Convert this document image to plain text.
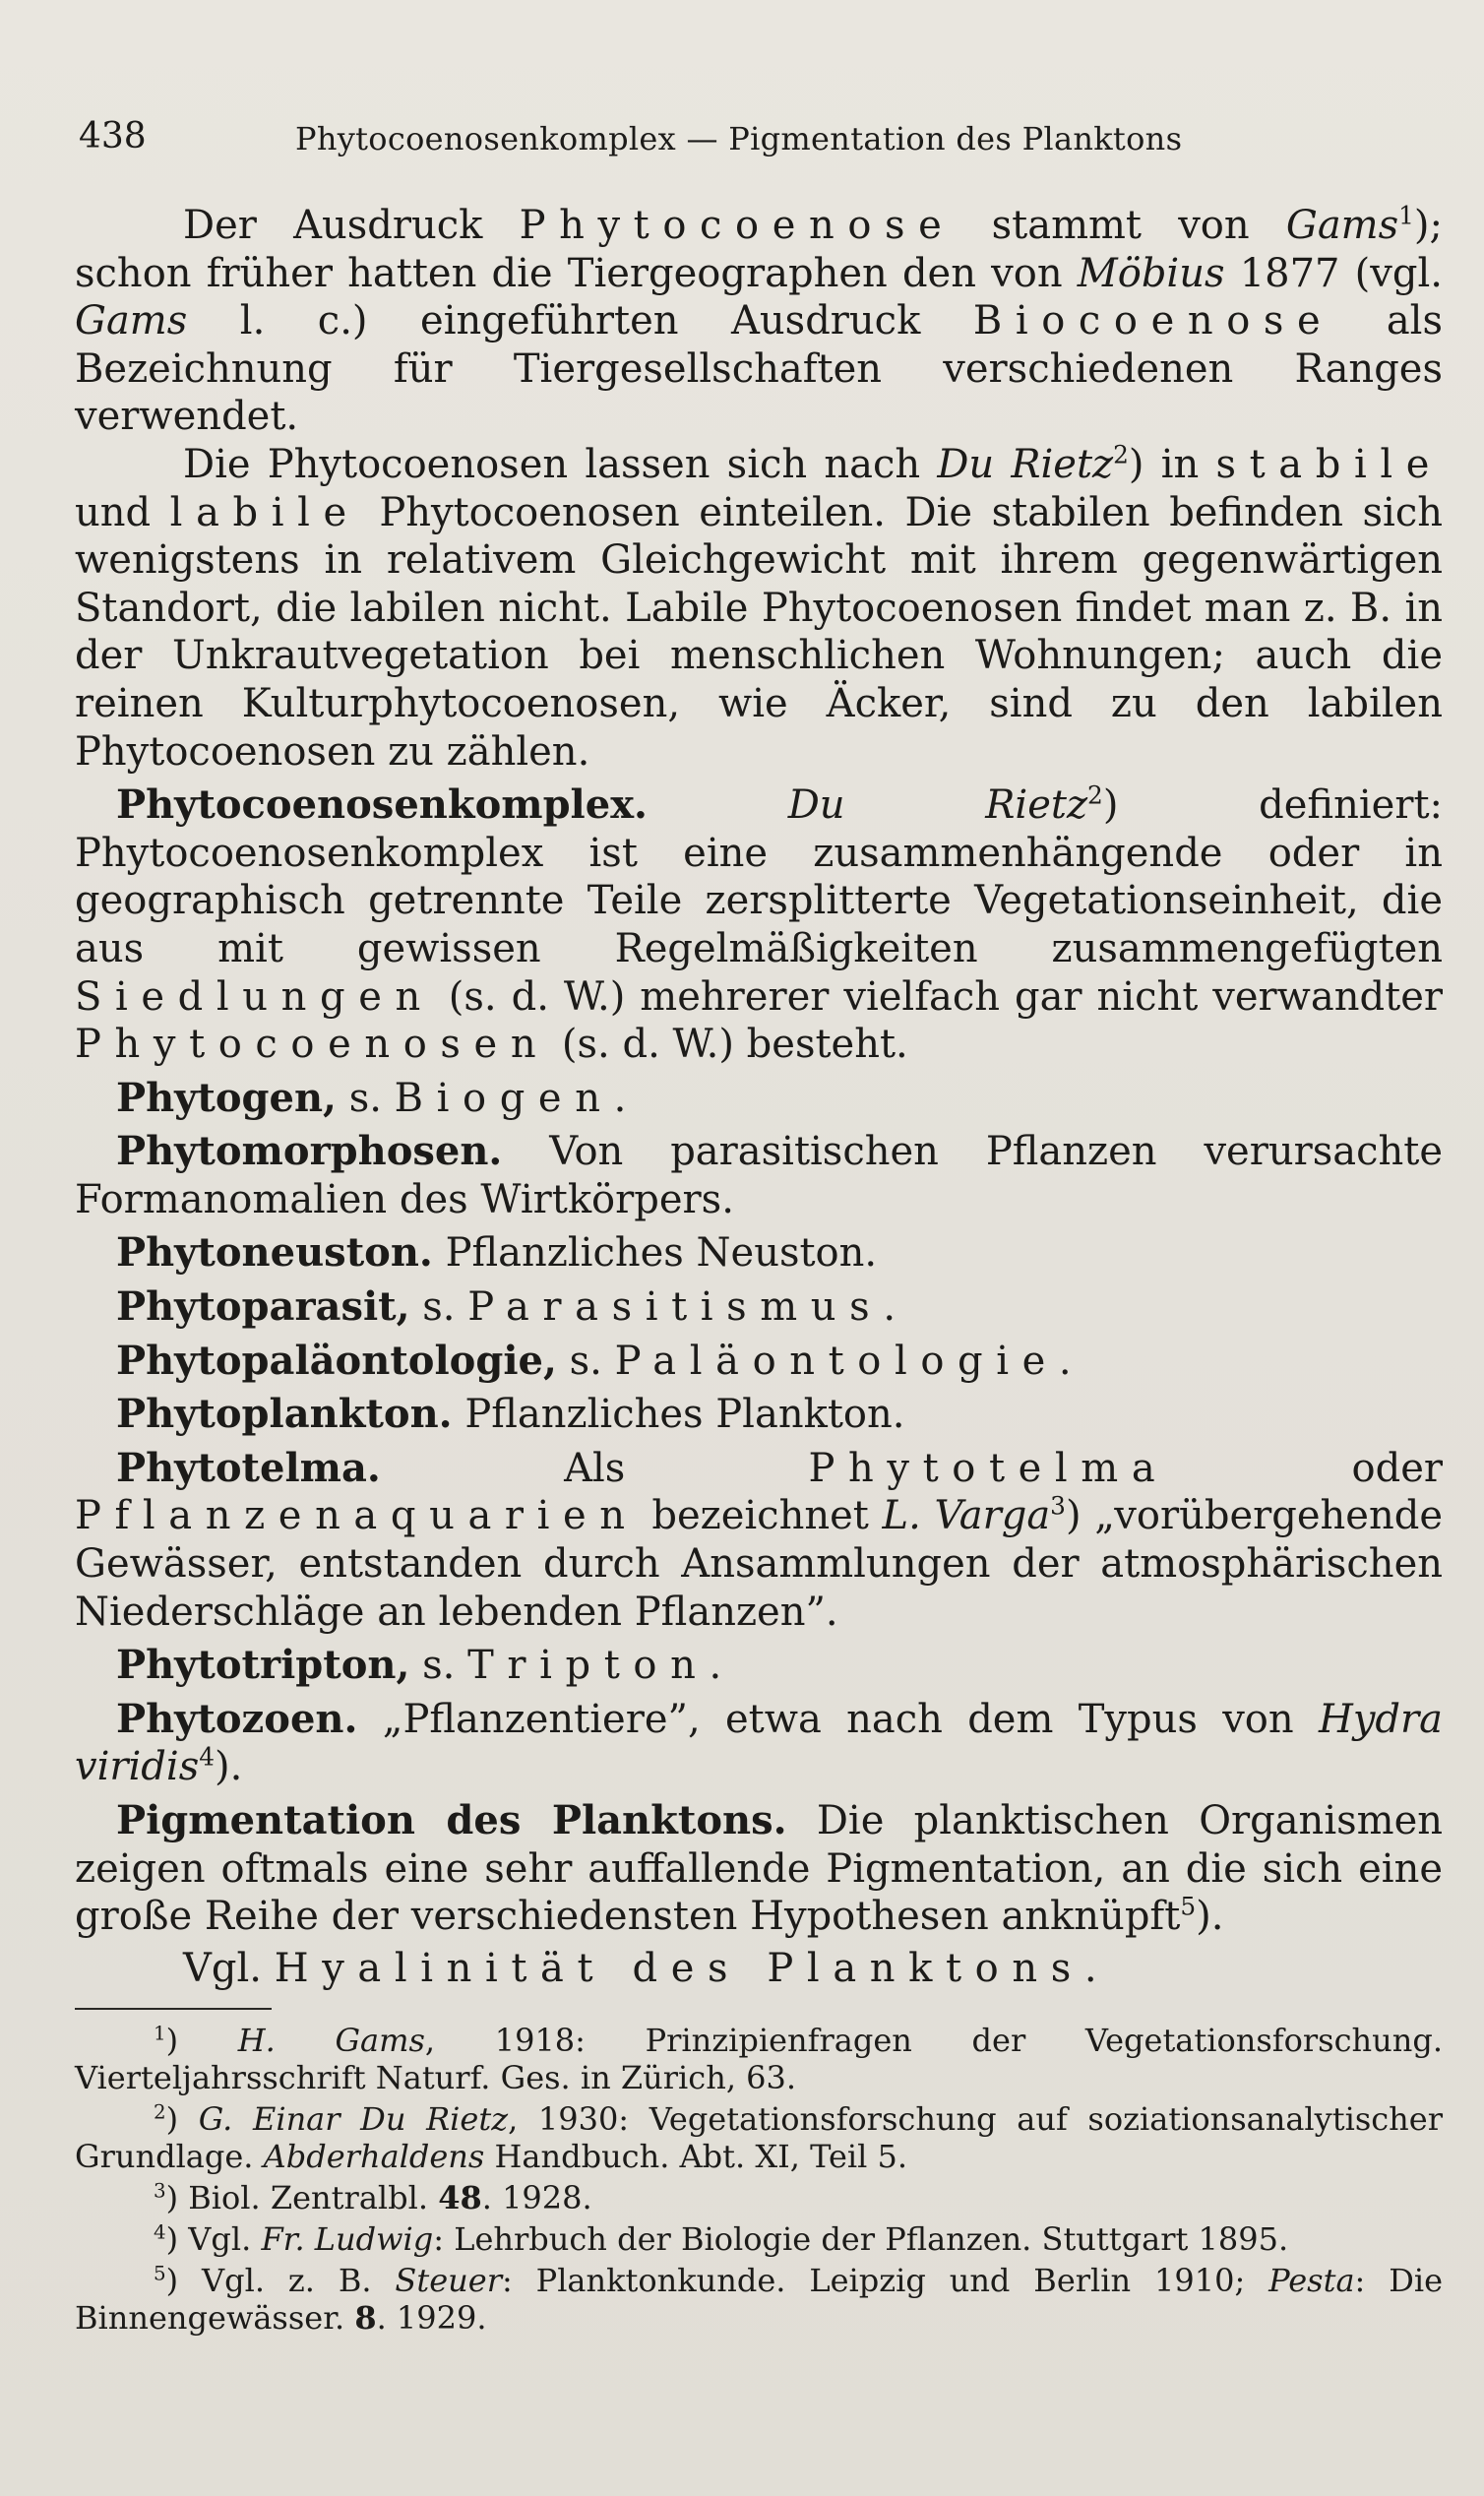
438	Phytocoenosenkomplex — Pigmentation des Planktons

Der Ausdruck Phytocoenose stammt von Gams$^1$); schon früher hatten die Tiergeographen den von Möbius 1877 (vgl. Gams l. c.) eingeführten Ausdruck Biocoenose als Bezeichnung für Tiergesellschaften verschiedenen Ranges verwendet.

Die Phytocoenosen lassen sich nach Du Rietz$^2$) in stabile und labile Phytocoenosen einteilen. Die stabilen befinden sich wenigstens in relativem Gleichgewicht mit ihrem gegenwärtigen Standort, die labilen nicht. Labile Phytocoenosen findet man z. B. in der Unkrautvegetation bei menschlichen Wohnungen; auch die reinen Kulturphytocoenosen, wie Äcker, sind zu den labilen Phytocoenosen zu zählen.

Phytocoenosenkomplex.	Du Rietz$^2$) definiert: Phytocoenosenkomplex ist eine zusammenhängende oder in geographisch getrennte Teile zersplitterte Vegetationseinheit, die aus mit gewissen Regelmäßigkeiten zusammengefügten Siedlungen (s. d. W.) mehrerer vielfach gar nicht verwandter Phytocoenosen (s. d. W.) besteht.

Phytogen, s. Biogen.

Phytomorphosen. Von parasitischen Pflanzen verursachte Formanomalien des Wirtkörpers.

Phytoneuston. Pflanzliches Neuston.

Phytoparasit, s. Parasitismus.

Phytopaläontologie, s. Paläontologie.

Phytoplankton. Pflanzliches Plankton.

Phytotelma. Als Phytotelma oder Pflanzenaquarien bezeichnet L. Varga$^3$) „vorübergehende Gewässer, entstanden durch Ansammlungen der atmosphärischen Niederschläge an lebenden Pflanzen”.

Phytotripton, s. Tripton.

Phytozoen. „Pflanzentiere”, etwa nach dem Typus von Hydra viridis$^4$).

Pigmentation des Planktons. Die planktischen Organismen zeigen oftmals eine sehr auffallende Pigmentation, an die sich eine große Reihe der verschiedensten Hypothesen anknüpft$^5$).

Vgl. Hyalinität des Planktons.

$^1$) H. Gams, 1918: Prinzipienfragen der Vegetationsforschung. Vierteljahrsschrift Naturf. Ges. in Zürich, 63.

$^2$) G. Einar Du Rietz, 1930: Vegetationsforschung auf soziationsanalytischer Grundlage. Abderhaldens Handbuch. Abt. XI, Teil 5.

$^3$) Biol. Zentralbl. 48. 1928.

$^4$) Vgl. Fr. Ludwig: Lehrbuch der Biologie der Pflanzen. Stuttgart 1895.

$^5$) Vgl. z. B. Steuer: Planktonkunde. Leipzig und Berlin 1910; Pesta: Die Binnengewässer. 8. 1929.
